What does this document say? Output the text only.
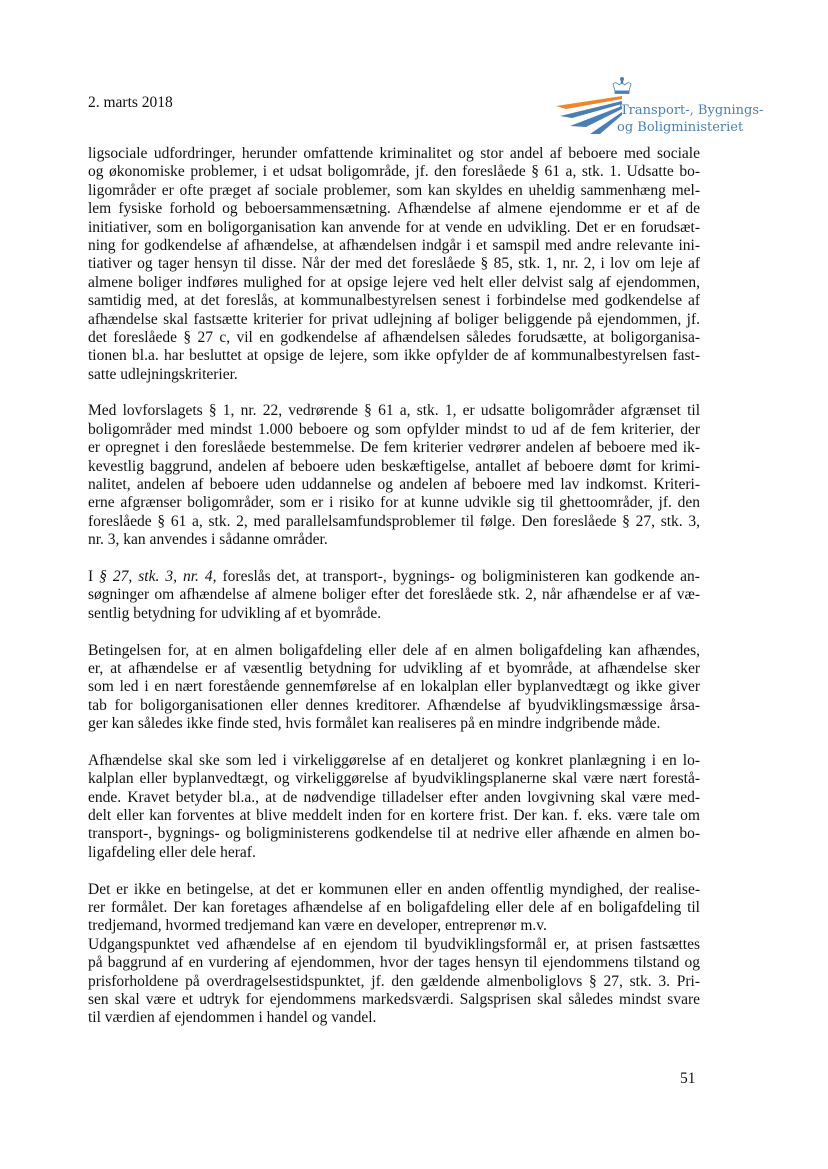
2. marts 2018	Transport-, Bygnings-
og Boligministeriet
ligsociale udfordringer, herunder omfattende kriminalitet og stor andel af beboere med sociale
og økonomiske problemer, i et udsat boligområde, jf. den foreslåede § 61 a, stk. 1. Udsatte bo-
ligområder er ofte præget af sociale problemer, som kan skyldes en uheldig sammenhæng mel-
lem fysiske forhold og beboersammensætning. Afhændelse af almene ejendomme er et af de
initiativer, som en boligorganisation kan anvende for at vende en udvikling. Det er en forudsæt-
ning for godkendelse af afhændelse, at afhændelsen indgår i et samspil med andre relevante ini-
tiativer og tager hensyn til disse. Når der med det foreslåede § 85, stk. 1, nr. 2, i lov om leje af
almene boliger indføres mulighed for at opsige lejere ved helt eller delvist salg af ejendommen,
samtidig med, at det foreslås, at kommunalbestyrelsen senest i forbindelse med godkendelse af
afhændelse skal fastsætte kriterier for privat udlejning af boliger beliggende på ejendommen, jf.
det foreslåede § 27 c, vil en godkendelse af afhændelsen således forudsætte, at boligorganisa-
tionen bl.a. har besluttet at opsige de lejere, som ikke opfylder de af kommunalbestyrelsen fast-
satte udlejningskriterier.
Med lovforslagets § 1, nr. 22, vedrørende § 61 a, stk. 1, er udsatte boligområder afgrænset til
boligområder med mindst 1.000 beboere og som opfylder mindst to ud af de fem kriterier, der
er opregnet i den foreslåede bestemmelse. De fem kriterier vedrører andelen af beboere med ik-
kevestlig baggrund, andelen af beboere uden beskæftigelse, antallet af beboere dømt for krimi-
nalitet, andelen af beboere uden uddannelse og andelen af beboere med lav indkomst. Kriteri-
erne afgrænser boligområder, som er i risiko for at kunne udvikle sig til ghettoområder, jf. den
foreslåede § 61 a, stk. 2, med parallelsamfundsproblemer til følge. Den foreslåede § 27, stk. 3,
nr. 3, kan anvendes i sådanne områder.
I § 27, stk. 3, nr. 4, foreslås det, at transport-, bygnings- og boligministeren kan godkende an-
søgninger om afhændelse af almene boliger efter det foreslåede stk. 2, når afhændelse er af væ-
sentlig betydning for udvikling af et byområde.
Betingelsen for, at en almen boligafdeling eller dele af en almen boligafdeling kan afhændes,
er, at afhændelse er af væsentlig betydning for udvikling af et byområde, at afhændelse sker
som led i en nært forestående gennemførelse af en lokalplan eller byplanvedtægt og ikke giver
tab for boligorganisationen eller dennes kreditorer. Afhændelse af byudviklingsmæssige årsa-
ger kan således ikke finde sted, hvis formålet kan realiseres på en mindre indgribende måde.
Afhændelse skal ske som led i virkeliggørelse af en detaljeret og konkret planlægning i en lo-
kalplan eller byplanvedtægt, og virkeliggørelse af byudviklingsplanerne skal være nært forestå-
ende. Kravet betyder bl.a., at de nødvendige tilladelser efter anden lovgivning skal være med-
delt eller kan forventes at blive meddelt inden for en kortere frist. Der kan. f. eks. være tale om
transport-, bygnings- og boligministerens godkendelse til at nedrive eller afhænde en almen bo-
ligafdeling eller dele heraf.
Det er ikke en betingelse, at det er kommunen eller en anden offentlig myndighed, der realise-
rer formålet. Der kan foretages afhændelse af en boligafdeling eller dele af en boligafdeling til
tredjemand, hvormed tredjemand kan være en developer, entreprenør m.v.
Udgangspunktet ved afhændelse af en ejendom til byudviklingsformål er, at prisen fastsættes
på baggrund af en vurdering af ejendommen, hvor der tages hensyn til ejendommens tilstand og
prisforholdene på overdragelsestidspunktet, jf. den gældende almenboliglovs § 27, stk. 3. Pri-
sen skal være et udtryk for ejendommens markedsværdi. Salgsprisen skal således mindst svare
til værdien af ejendommen i handel og vandel.
51
